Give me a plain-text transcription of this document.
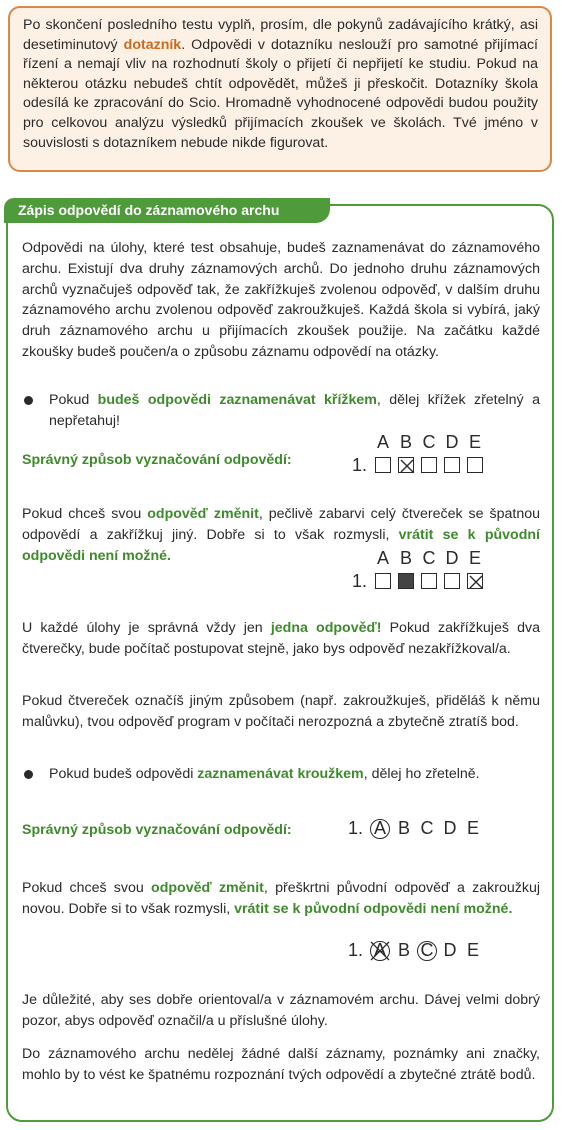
Po skončení posledního testu vyplň, prosím, dle pokynů zadávajícího krátký, asi desetiminutový dotazník. Odpovědi v dotazníku neslouží pro samotné přijímací řízení a nemají vliv na rozhodnutí školy o přijetí či nepřijetí ke studiu. Pokud na některou otázku nebudeš chtít odpovědět, můžeš ji přeskočit. Dotazníky škola odesílá ke zpracování do Scio. Hromadně vyhodnocené odpovědi budou použity pro celkovou analýzu výsledků přijímacích zkoušek ve školách. Tvé jméno v souvislosti s dotazníkem nebude nikde figurovat.
Zápis odpovědí do záznamového archu
Odpovědi na úlohy, které test obsahuje, budeš zaznamenávat do záznamového archu. Existují dva druhy záznamových archů. Do jednoho druhu záznamových archů vyznačuješ odpověď tak, že zakřížkuješ zvolenou odpověď, v dalším druhu záznamového archu zvolenou odpověď zakroužkuješ. Každá škola si vybírá, jaký druh záznamového archu u přijímacích zkoušek použije. Na začátku každé zkoušky budeš poučen/a o způsobu záznamu odpovědí na otázky.
Pokud budeš odpovědi zaznamenávat křížkem, dělej křížek zřetelný a nepřetahuj!
Správný způsob vyznačování odpovědí:
A B C D E
1.
Pokud chceš svou odpověď změnit, pečlivě zabarvi celý čtvereček se špatnou odpovědí a zakřížkuj jiný. Dobře si to však rozmysli, vrátit se k původní odpovědi není možné.	A B C D E
1.
U každé úlohy je správná vždy jen jedna odpověď! Pokud zakřížkuješ dva čtverečky, bude počítač postupovat stejně, jako bys odpověď nezakřížkoval/a.
Pokud čtvereček označíš jiným způsobem (např. zakroužkuješ, přiděláš k němu malůvku), tvou odpověď program v počítači nerozpozná a zbytečně ztratíš bod.
Pokud budeš odpovědi zaznamenávat kroužkem, dělej ho zřetelně.
Správný způsob vyznačování odpovědí:	1. A B C D E
Pokud chceš svou odpověď změnit, přeškrtni původní odpověď a zakroužkuj novou. Dobře si to však rozmysli, vrátit se k původní odpovědi není možné.
1. A B C D E
Je důležité, aby ses dobře orientoval/a v záznamovém archu. Dávej velmi dobrý pozor, abys odpověď označil/a u příslušné úlohy.
Do záznamového archu nedělej žádné další záznamy, poznámky ani značky, mohlo by to vést ke špatnému rozpoznání tvých odpovědí a zbytečné ztrátě bodů.
